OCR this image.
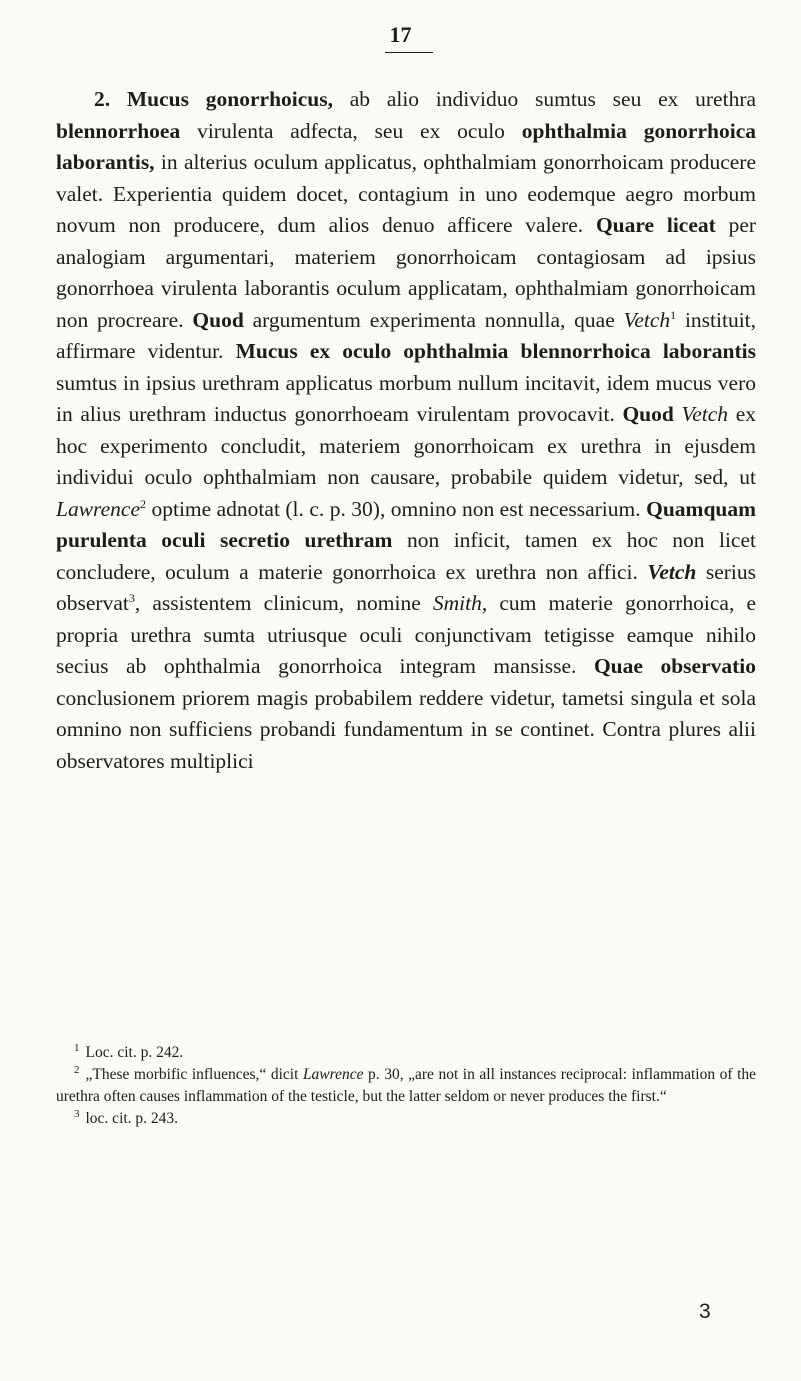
17

2. Mucus gonorrhoicus, ab alio individuo sumtus seu ex urethra blennorrhoea virulenta adfecta, seu ex oculo ophthalmia gonorrhoica laborantis, in alterius oculum applicatus, ophthalmiam gonorrhoicam producere valet. Experientia quidem docet, contagium in uno eodemque aegro morbum novum non producere, dum alios denuo afficere valere. Quare liceat per analogiam argumentari, materiem gonorrhoicam contagiosam ad ipsius gonorrhoea virulenta laborantis oculum applicatam, ophthalmiam gonorrhoicam non procreare. Quod argumentum experimenta nonnulla, quae Vetch$^1$ instituit, affirmare videntur. Mucus ex oculo ophthalmia blennorrhoica laborantis sumtus in ipsius urethram applicatus morbum nullum incitavit, idem mucus vero in alius urethram inductus gonorrhoeam virulentam provocavit. Quod Vetch ex hoc experimento concludit, materiem gonorrhoicam ex urethra in ejusdem individui oculo ophthalmiam non causare, probabile quidem videtur, sed, ut Lawrence$^2$ optime adnotat (l. c. p. 30), omnino non est necessarium. Quamquam purulenta oculi secretio urethram non inficit, tamen ex hoc non licet concludere, oculum a materie gonorrhoica ex urethra non affici. Vetch serius observat$^3$, assistentem clinicum, nomine Smith, cum materie gonorrhoica, e propria urethra sumta utriusque oculi conjunctivam tetigisse eamque nihilo secius ab ophthalmia gonorrhoica integram mansisse. Quae observatio conclusionem priorem magis probabilem reddere videtur, tametsi singula et sola omnino non sufficiens probandi fundamentum in se continet. Contra plures alii observatores multiplici

$^1$ Loc. cit. p. 242.

$^2$ „These morbific influences,“ dicit Lawrence p. 30, „are not in all instances reciprocal: inflammation of the urethra often causes inflammation of the testicle, but the latter seldom or never produces the first.“

$^3$ loc. cit. p. 243.

3
